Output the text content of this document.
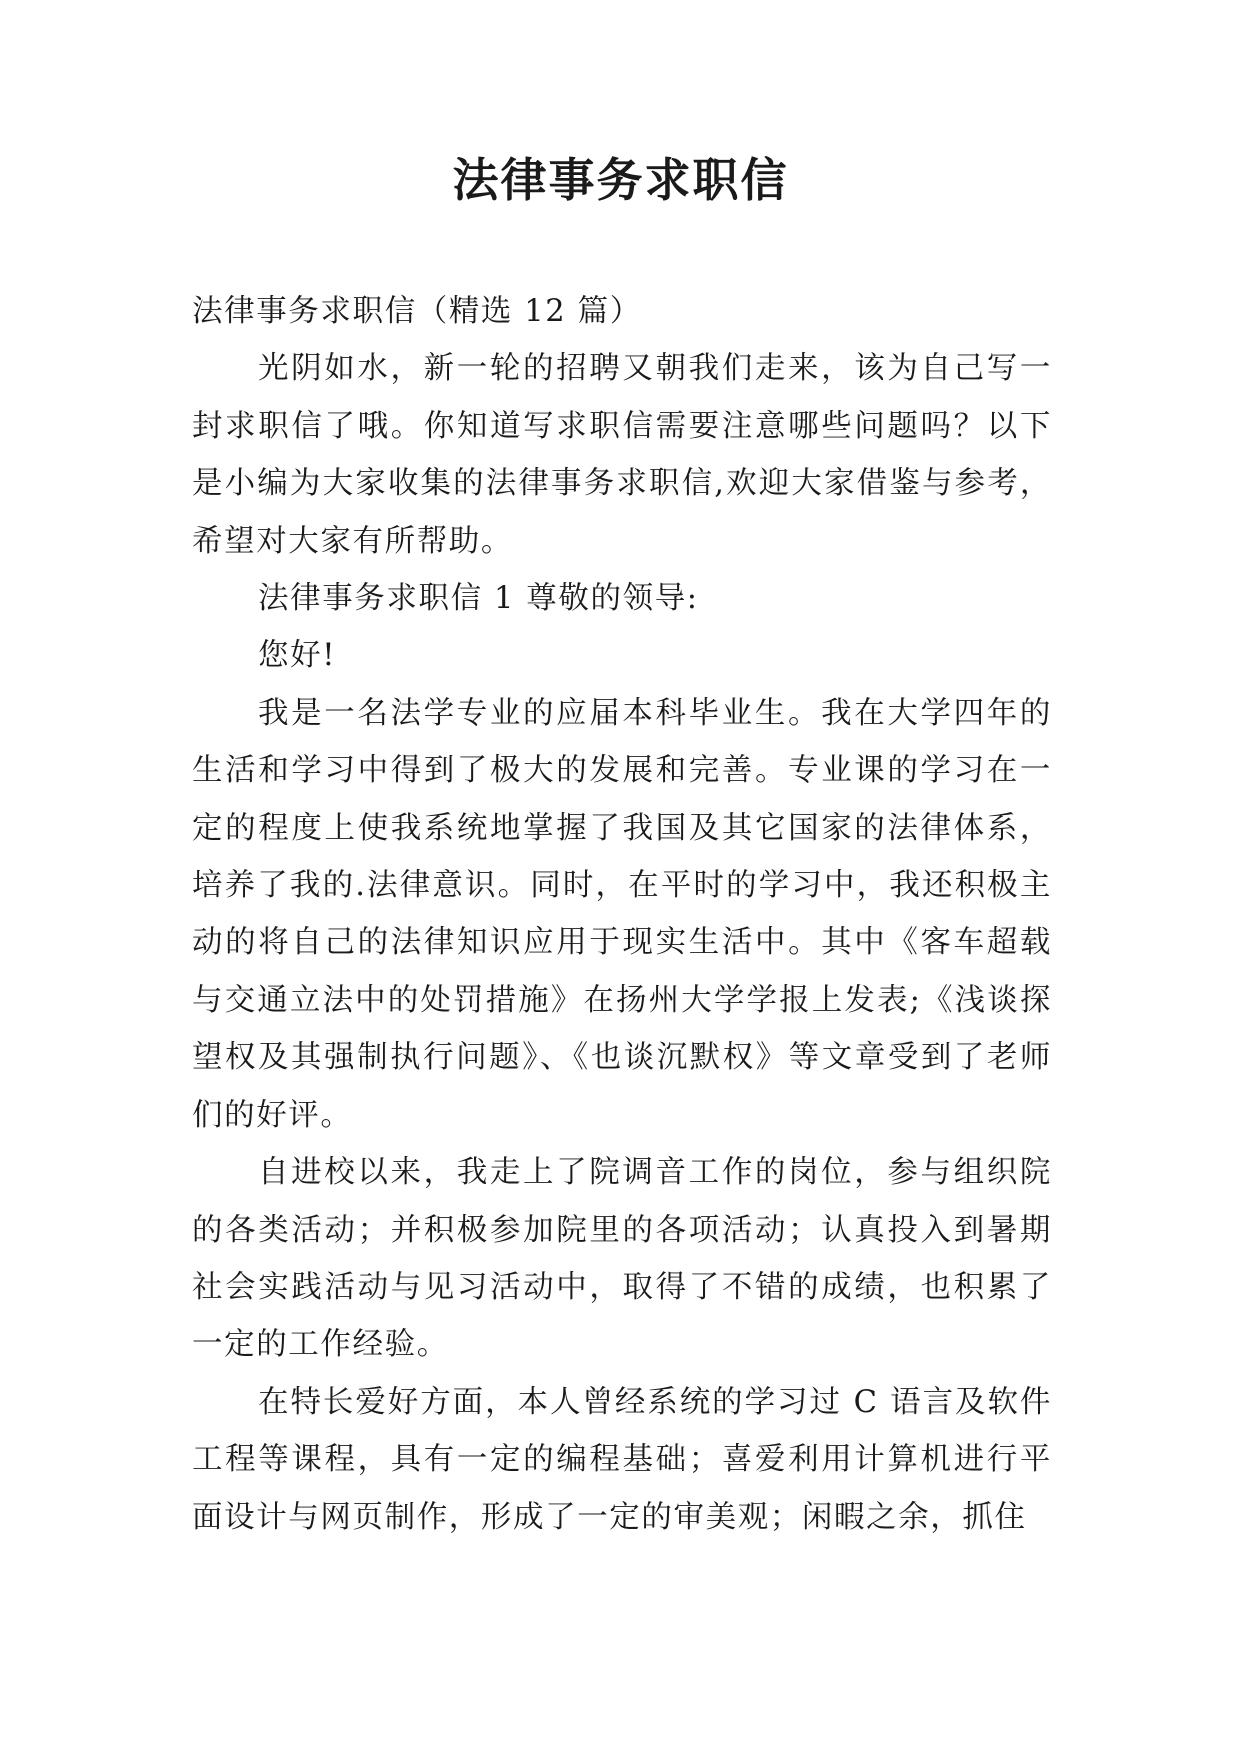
法律事务求职信

法律事务求职信（精选 12 篇）

光阴如水，新一轮的招聘又朝我们走来，该为自己写一封求职信了哦。你知道写求职信需要注意哪些问题吗？以下是小编为大家收集的法律事务求职信,欢迎大家借鉴与参考，希望对大家有所帮助。

法律事务求职信 1 尊敬的领导:

您好!

我是一名法学专业的应届本科毕业生。我在大学四年的生活和学习中得到了极大的发展和完善。专业课的学习在一定的程度上使我系统地掌握了我国及其它国家的法律体系，培养了我的.法律意识。同时，在平时的学习中，我还积极主动的将自己的法律知识应用于现实生活中。其中《客车超载与交通立法中的处罚措施》在扬州大学学报上发表;《浅谈探望权及其强制执行问题》、《也谈沉默权》等文章受到了老师们的好评。

自进校以来，我走上了院调音工作的岗位，参与组织院的各类活动；并积极参加院里的各项活动；认真投入到暑期社会实践活动与见习活动中，取得了不错的成绩，也积累了一定的工作经验。

在特长爱好方面，本人曾经系统的学习过 C 语言及软件工程等课程，具有一定的编程基础；喜爱利用计算机进行平面设计与网页制作，形成了一定的审美观；闲暇之余，抓住
